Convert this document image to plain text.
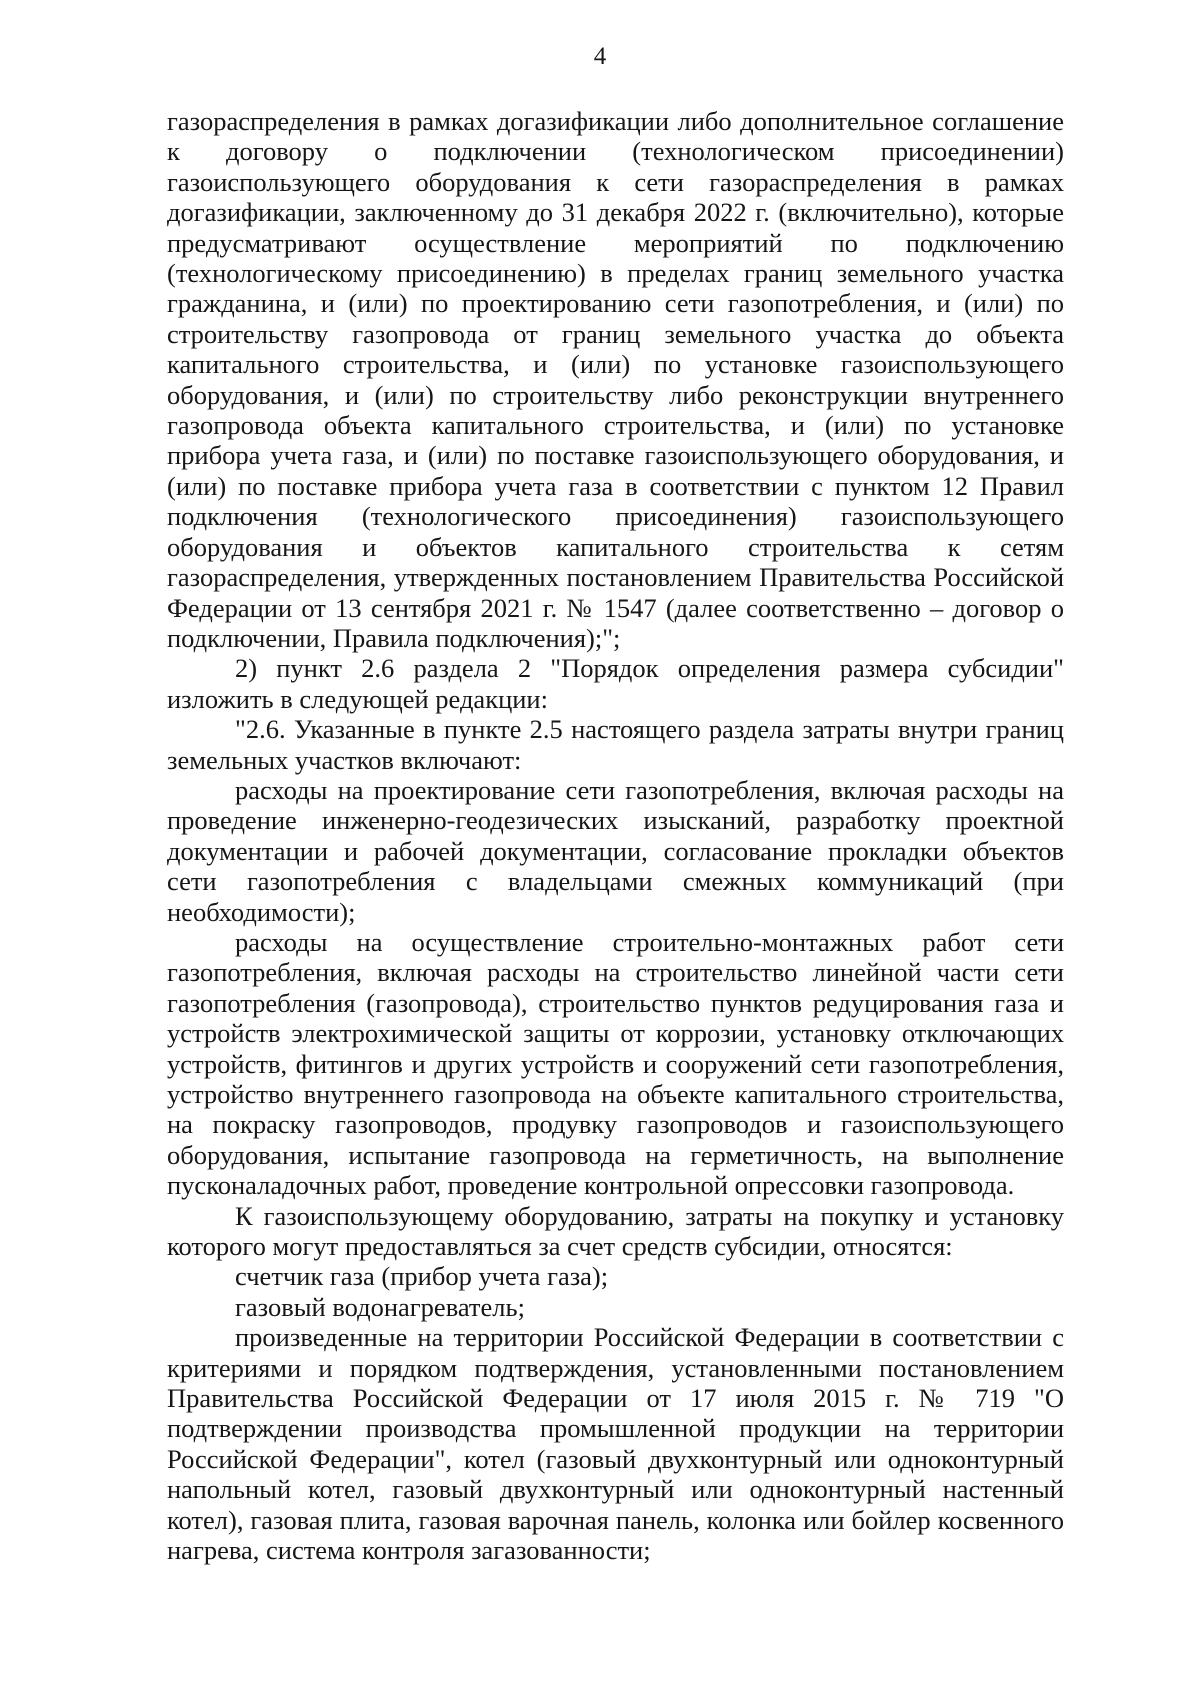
4

газораспределения в рамках догазификации либо дополнительное соглашение к договору о подключении (технологическом присоединении) газоиспользующего оборудования к сети газораспределения в рамках догазификации, заключенному до 31 декабря 2022 г. (включительно), которые предусматривают осуществление мероприятий по подключению (технологическому присоединению) в пределах границ земельного участка гражданина, и (или) по проектированию сети газопотребления, и (или) по строительству газопровода от границ земельного участка до объекта капитального строительства, и (или) по установке газоиспользующего оборудования, и (или) по строительству либо реконструкции внутреннего газопровода объекта капитального строительства, и (или) по установке прибора учета газа, и (или) по поставке газоиспользующего оборудования, и (или) по поставке прибора учета газа в соответствии с пунктом 12 Правил подключения (технологического присоединения) газоиспользующего оборудования и объектов капитального строительства к сетям газораспределения, утвержденных постановлением Правительства Российской Федерации от 13 сентября 2021 г. № 1547 (далее соответственно – договор о подключении, Правила подключения);";

2) пункт 2.6 раздела 2 "Порядок определения размера субсидии" изложить в следующей редакции:

"2.6. Указанные в пункте 2.5 настоящего раздела затраты внутри границ земельных участков включают:

расходы на проектирование сети газопотребления, включая расходы на проведение инженерно-геодезических изысканий, разработку проектной документации и рабочей документации, согласование прокладки объектов сети газопотребления с владельцами смежных коммуникаций (при необходимости);

расходы на осуществление строительно-монтажных работ сети газопотребления, включая расходы на строительство линейной части сети газопотребления (газопровода), строительство пунктов редуцирования газа и устройств электрохимической защиты от коррозии, установку отключающих устройств, фитингов и других устройств и сооружений сети газопотребления, устройство внутреннего газопровода на объекте капитального строительства, на покраску газопроводов, продувку газопроводов и газоиспользующего оборудования, испытание газопровода на герметичность, на выполнение пусконаладочных работ, проведение контрольной опрессовки газопровода.

К газоиспользующему оборудованию, затраты на покупку и установку которого могут предоставляться за счет средств субсидии, относятся:

счетчик газа (прибор учета газа);

газовый водонагреватель;

произведенные на территории Российской Федерации в соответствии с критериями и порядком подтверждения, установленными постановлением Правительства Российской Федерации от 17 июля 2015 г. № 719 "О подтверждении производства промышленной продукции на территории Российской Федерации", котел (газовый двухконтурный или одноконтурный напольный котел, газовый двухконтурный или одноконтурный настенный котел), газовая плита, газовая варочная панель, колонка или бойлер косвенного нагрева, система контроля загазованности;
